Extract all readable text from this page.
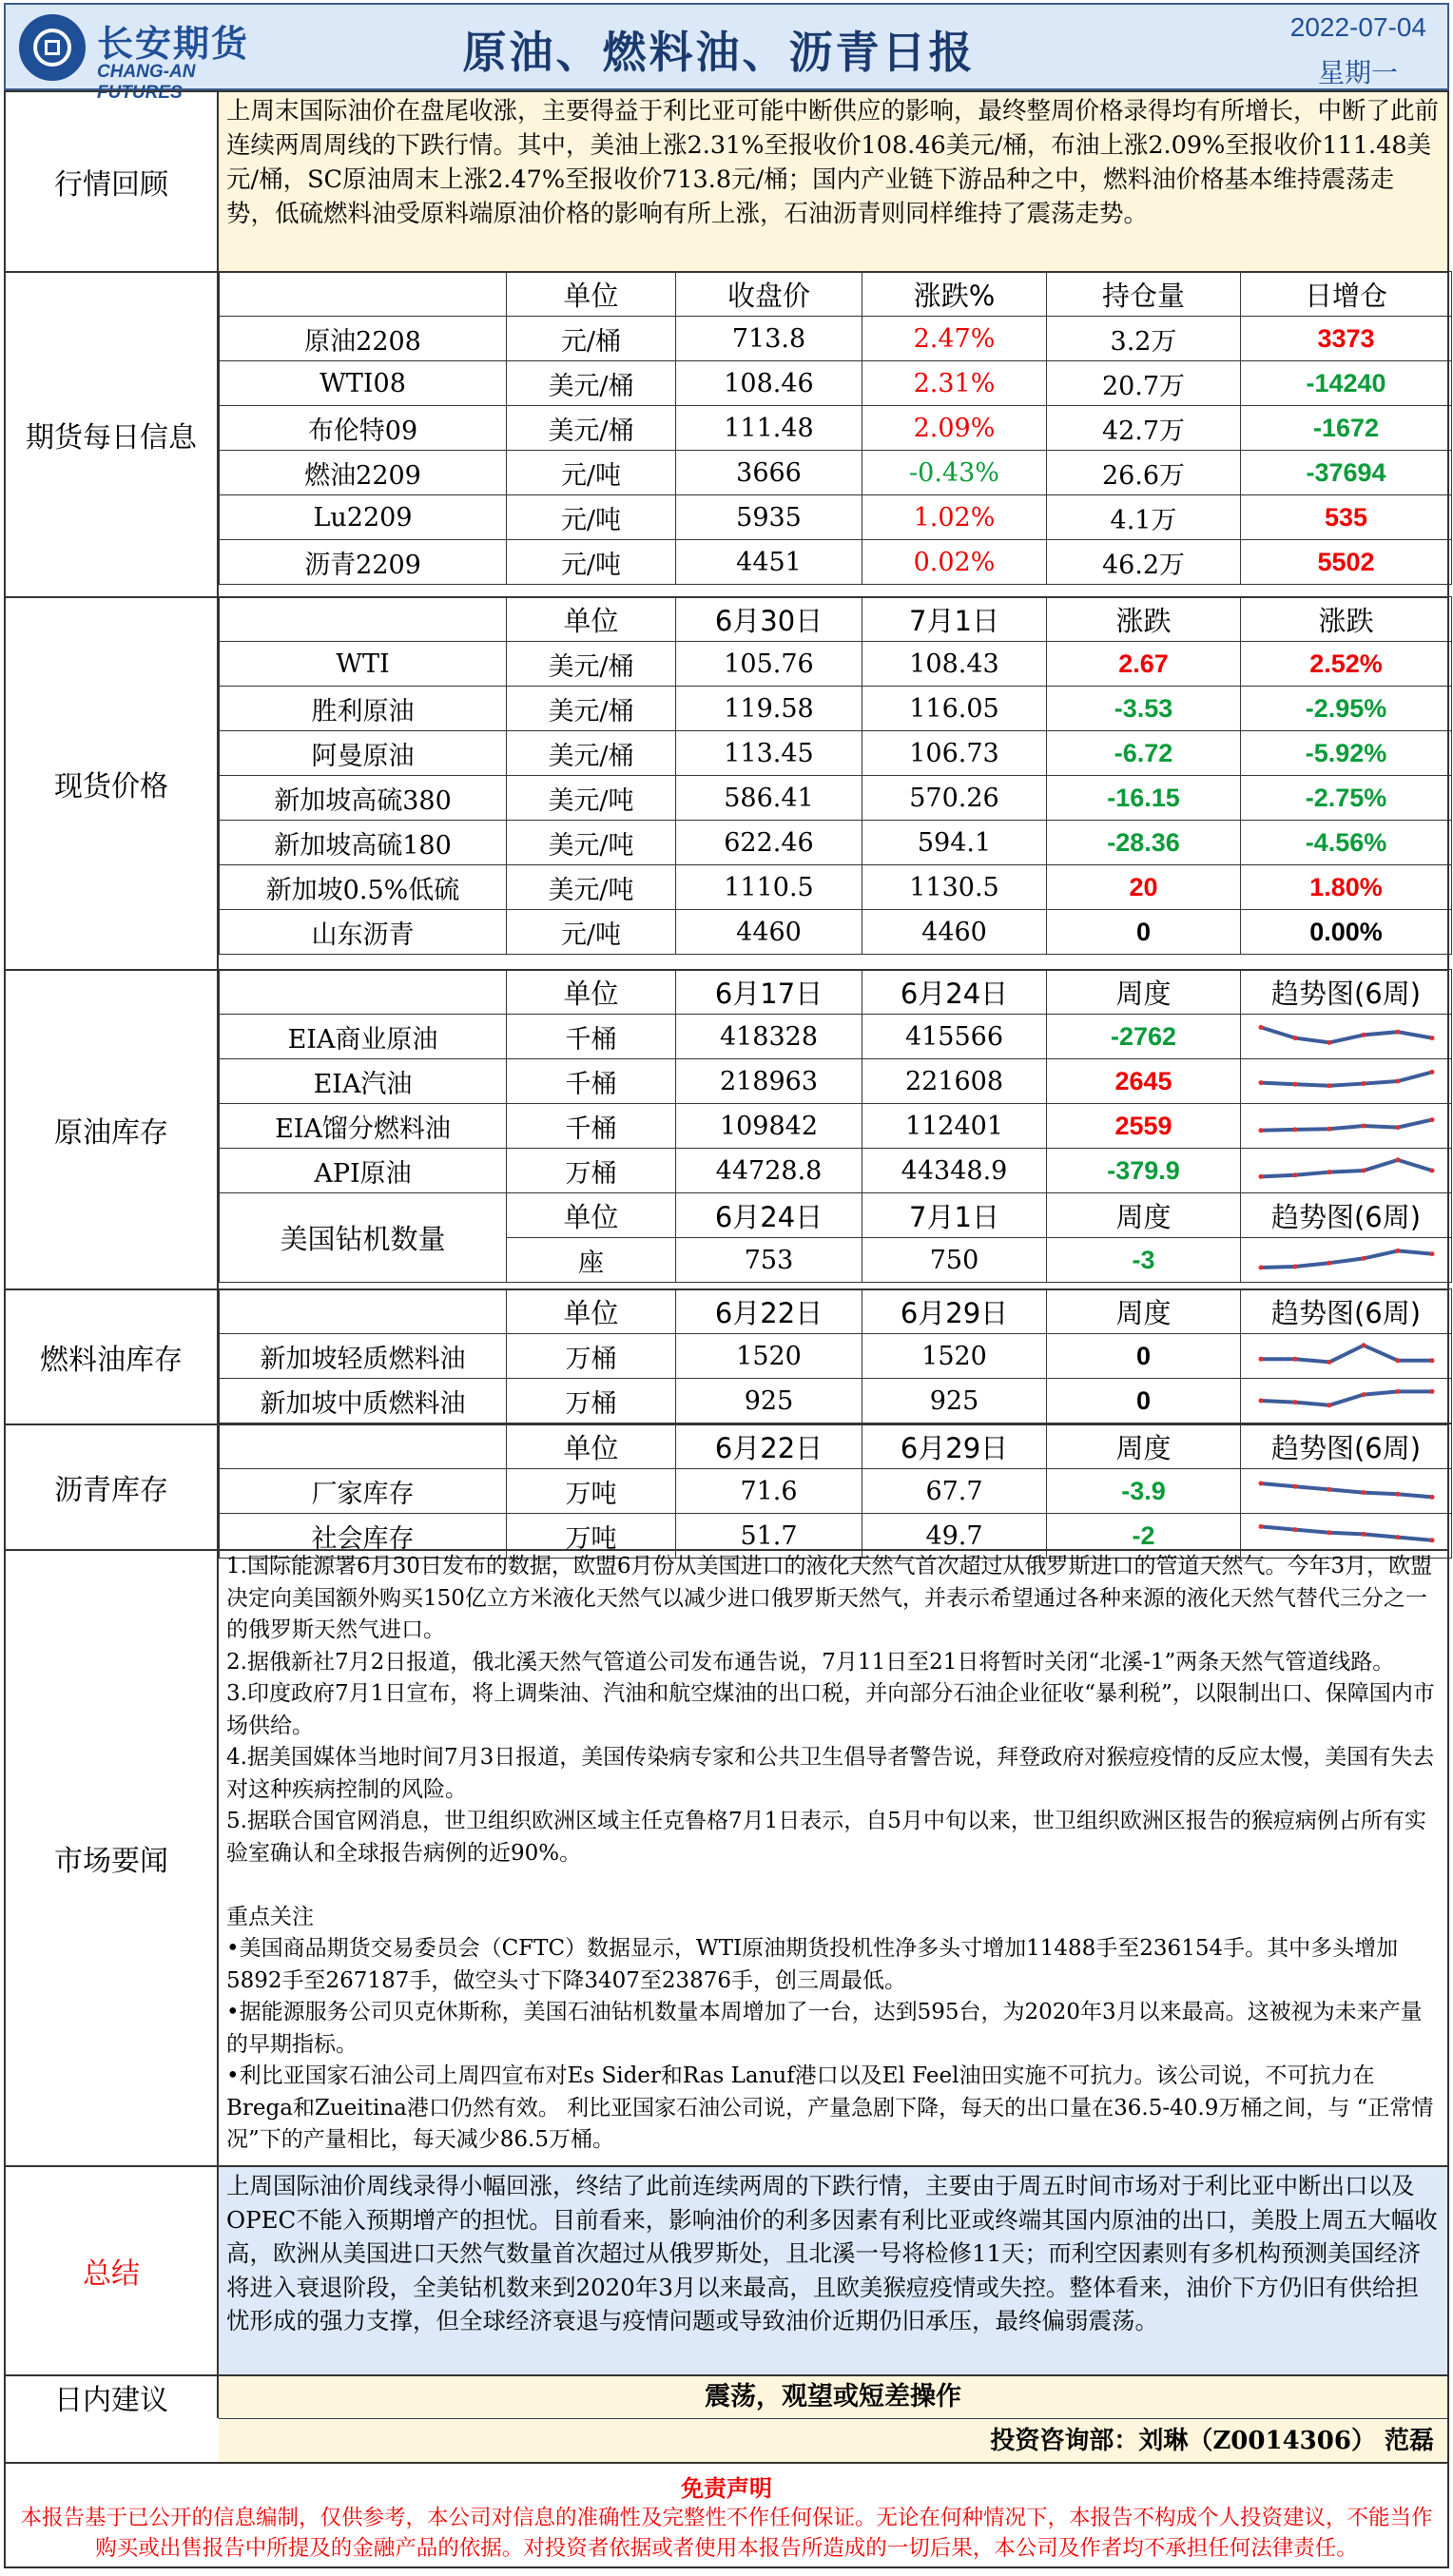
长安期货
CHANG-AN FUTURES
原油、燃料油、沥青日报	2022-07-04
星期一
行情回顾
上周末国际油价在盘尾收涨，主要得益于利比亚可能中断供应的影响，最终整周价格录得均有所增长，中断了此前连续两周周线的下跌行情。其中，美油上涨2.31%至报收价108.46美元/桶，布油上涨2.09%至报收价111.48美元/桶，SC原油周末上涨2.47%至报收价713.8元/桶；国内产业链下游品种之中，燃料油价格基本维持震荡走势，低硫燃料油受原料端原油价格的影响有所上涨，石油沥青则同样维持了震荡走势。
期货每日信息
	单位	收盘价	涨跌%	持仓量	日增仓
原油2208	元/桶	713.8	2.47%	3.2万	3373
WTI08	美元/桶	108.46	2.31%	20.7万	-14240
布伦特09	美元/桶	111.48	2.09%	42.7万	-1672
燃油2209	元/吨	3666	-0.43%	26.6万	-37694
Lu2209	元/吨	5935	1.02%	4.1万	535
沥青2209	元/吨	4451	0.02%	46.2万	5502
现货价格
	单位	6月30日	7月1日	涨跌	涨跌
WTI	美元/桶	105.76	108.43	2.67	2.52%
胜利原油	美元/桶	119.58	116.05	-3.53	-2.95%
阿曼原油	美元/桶	113.45	106.73	-6.72	-5.92%
新加坡高硫380	美元/吨	586.41	570.26	-16.15	-2.75%
新加坡高硫180	美元/吨	622.46	594.1	-28.36	-4.56%
新加坡0.5%低硫	美元/吨	1110.5	1130.5	20	1.80%
山东沥青	元/吨	4460	4460	0	0.00%
原油库存
	单位	6月17日	6月24日	周度	趋势图(6周)
EIA商业原油	千桶	418328	415566	-2762	

EIA汽油	千桶	218963	221608	2645	

EIA馏分燃料油	千桶	109842	112401	2559	

API原油	万桶	44728.8	44348.9	-379.9	

美国钻机数量	单位	6月24日	7月1日	周度	趋势图(6周)
	座	753	750	-3	
燃料油库存
	单位	6月22日	6月29日	周度	趋势图(6周)
新加坡轻质燃料油	万桶	1520	1520	0	

新加坡中质燃料油	万桶	925	925	0	
沥青库存
	单位	6月22日	6月29日	周度	趋势图(6周)
厂家库存	万吨	71.6	67.7	-3.9	

社会库存	万吨	51.7	49.7	-2	
市场要闻

1.国际能源署6月30日发布的数据，欧盟6月份从美国进口的液化天然气首次超过从俄罗斯进口的管道天然气。今年3月，欧盟决定向美国额外购买150亿立方米液化天然气以减少进口俄罗斯天然气，并表示希望通过各种来源的液化天然气替代三分之一的俄罗斯天然气进口。

2.据俄新社7月2日报道，俄北溪天然气管道公司发布通告说，7月11日至21日将暂时关闭“北溪-1”两条天然气管道线路。

3.印度政府7月1日宣布，将上调柴油、汽油和航空煤油的出口税，并向部分石油企业征收“暴利税”，以限制出口、保障国内市场供给。

4.据美国媒体当地时间7月3日报道，美国传染病专家和公共卫生倡导者警告说，拜登政府对猴痘疫情的反应太慢，美国有失去对这种疾病控制的风险。

5.据联合国官网消息，世卫组织欧洲区域主任克鲁格7月1日表示，自5月中旬以来，世卫组织欧洲区报告的猴痘病例占所有实验室确认和全球报告病例的近90%。

重点关注

•美国商品期货交易委员会（CFTC）数据显示，WTI原油期货投机性净多头寸增加11488手至236154手。其中多头增加5892手至267187手，做空头寸下降3407至23876手，创三周最低。

•据能源服务公司贝克休斯称，美国石油钻机数量本周增加了一台，达到595台，为2020年3月以来最高。这被视为未来产量的早期指标。

•利比亚国家石油公司上周四宣布对Es Sider和Ras Lanuf港口以及El Feel油田实施不可抗力。该公司说，不可抗力在Brega和Zueitina港口仍然有效。 利比亚国家石油公司说，产量急剧下降，每天的出口量在36.5-40.9万桶之间，与 “正常情况”下的产量相比，每天减少86.5万桶。

总结
上周国际油价周线录得小幅回涨，终结了此前连续两周的下跌行情，主要由于周五时间市场对于利比亚中断出口以及OPEC不能入预期增产的担忧。目前看来，影响油价的利多因素有利比亚或终端其国内原油的出口，美股上周五大幅收高，欧洲从美国进口天然气数量首次超过从俄罗斯处，且北溪一号将检修11天；而利空因素则有多机构预测美国经济将进入衰退阶段，全美钻机数来到2020年3月以来最高，且欧美猴痘疫情或失控。整体看来，油价下方仍旧有供给担忧形成的强力支撑，但全球经济衰退与疫情问题或导致油价近期仍旧承压，最终偏弱震荡。
日内建议	震荡，观望或短差操作
投资咨询部：刘琳（Z0014306） 范磊
免责声明
本报告基于已公开的信息编制，仅供参考，本公司对信息的准确性及完整性不作任何保证。无论在何种情况下，本报告不构成个人投资建议，不能当作购买或出售报告中所提及的金融产品的依据。对投资者依据或者使用本报告所造成的一切后果，本公司及作者均不承担任何法律责任。
